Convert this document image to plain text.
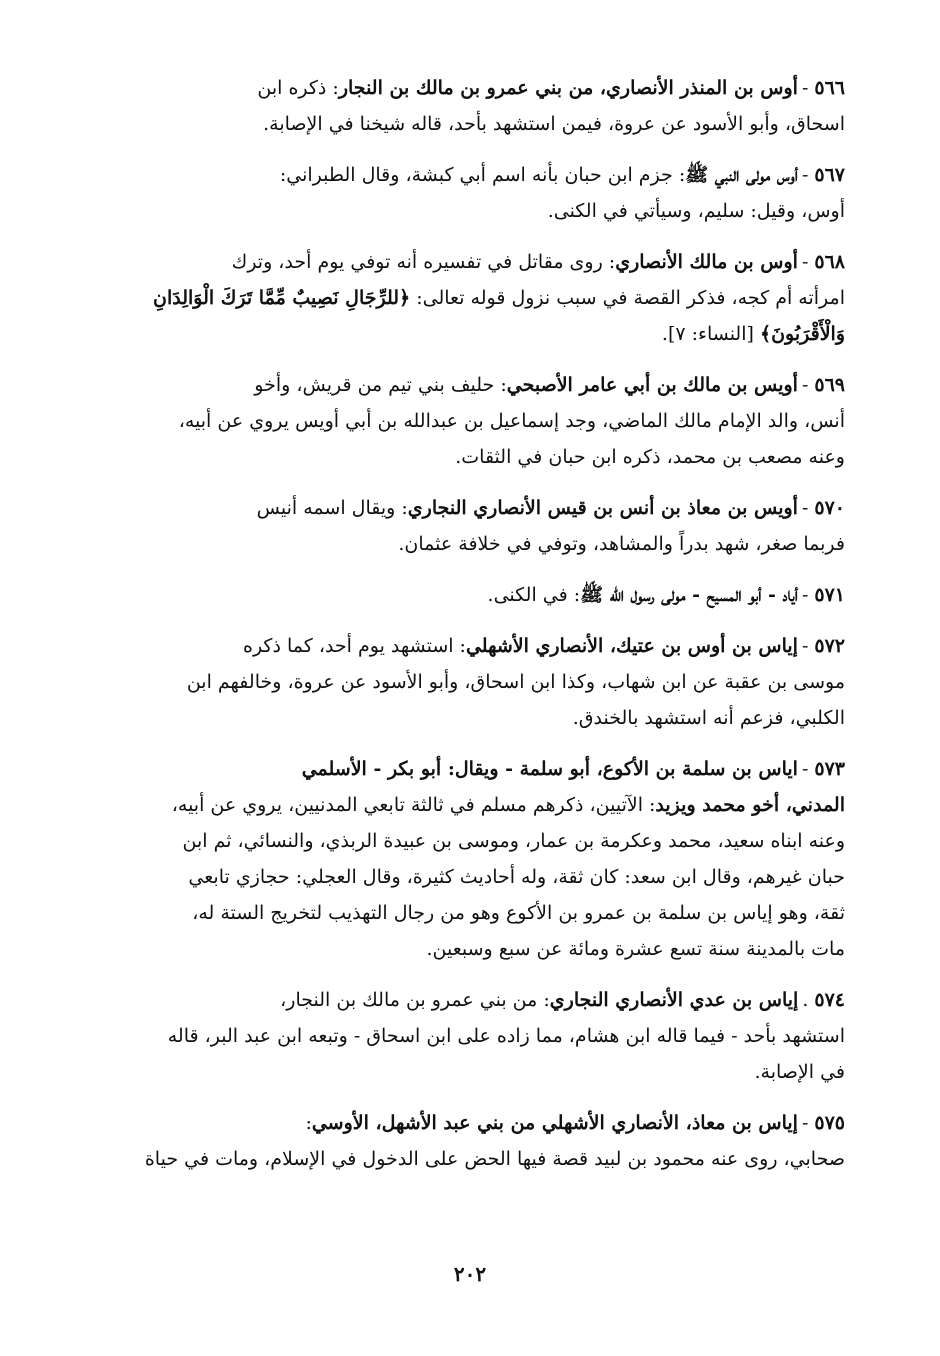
٥٦٦-أوس بن المنذر الأنصاري، من بني عمرو بن مالك بن النجار: ذكره ابن
اسحاق، وأبو الأسود عن عروة، فيمن استشهد بأحد، قاله شيخنا في الإصابة.
٥٦٧-أوس مولى النبي ﷺ: جزم ابن حبان بأنه اسم أبي كبشة، وقال الطبراني:
أوس، وقيل: سليم، وسيأتي في الكنى.
٥٦٨-أوس بن مالك الأنصاري: روى مقاتل في تفسيره أنه توفي يوم أحد، وترك
امرأته أم كجه، فذكر القصة في سبب نزول قوله تعالى: ﴿للرِّجَالِ نَصِيبٌ مِّمَّا تَرَكَ الْوَالِدَانِ
وَالْأَقْرَبُونَ﴾ [النساء: ٧].
٥٦٩-أويس بن مالك بن أبي عامر الأصبحي: حليف بني تيم من قريش، وأخو
أنس، والد الإمام مالك الماضي، وجد إسماعيل بن عبدالله بن أبي أويس يروي عن أبيه،
وعنه مصعب بن محمد، ذكره ابن حبان في الثقات.
٥٧٠-أويس بن معاذ بن أنس بن قيس الأنصاري النجاري: ويقال اسمه أنيس
فربما صغر، شهد بدراً والمشاهد، وتوفي في خلافة عثمان.
٥٧١-أياد - أبو المسيح - مولى رسول الله ﷺ: في الكنى.
٥٧٢-إياس بن أوس بن عتيك، الأنصاري الأشهلي: استشهد يوم أحد، كما ذكره
موسى بن عقبة عن ابن شهاب، وكذا ابن اسحاق، وأبو الأسود عن عروة، وخالفهم ابن
الكلبي، فزعم أنه استشهد بالخندق.
٥٧٣-اياس بن سلمة بن الأكوع، أبو سلمة - ويقال: أبو بكر - الأسلمي
المدني، أخو محمد ويزيد: الآتيين، ذكرهم مسلم في ثالثة تابعي المدنيين، يروي عن أبيه،
وعنه ابناه سعيد، محمد وعكرمة بن عمار، وموسى بن عبيدة الربذي، والنسائي، ثم ابن
حبان غيرهم، وقال ابن سعد: كان ثقة، وله أحاديث كثيرة، وقال العجلي: حجازي تابعي
ثقة، وهو إياس بن سلمة بن عمرو بن الأكوع وهو من رجال التهذيب لتخريج الستة له،
مات بالمدينة سنة تسع عشرة ومائة عن سبع وسبعين.
٥٧٤.إياس بن عدي الأنصاري النجاري: من بني عمرو بن مالك بن النجار،
استشهد بأحد - فيما قاله ابن هشام، مما زاده على ابن اسحاق - وتبعه ابن عبد البر، قاله
في الإصابة.
٥٧٥-إياس بن معاذ، الأنصاري الأشهلي من بني عبد الأشهل، الأوسي:
صحابي، روى عنه محمود بن لبيد قصة فيها الحض على الدخول في الإسلام، ومات في حياة
٢٠٢
